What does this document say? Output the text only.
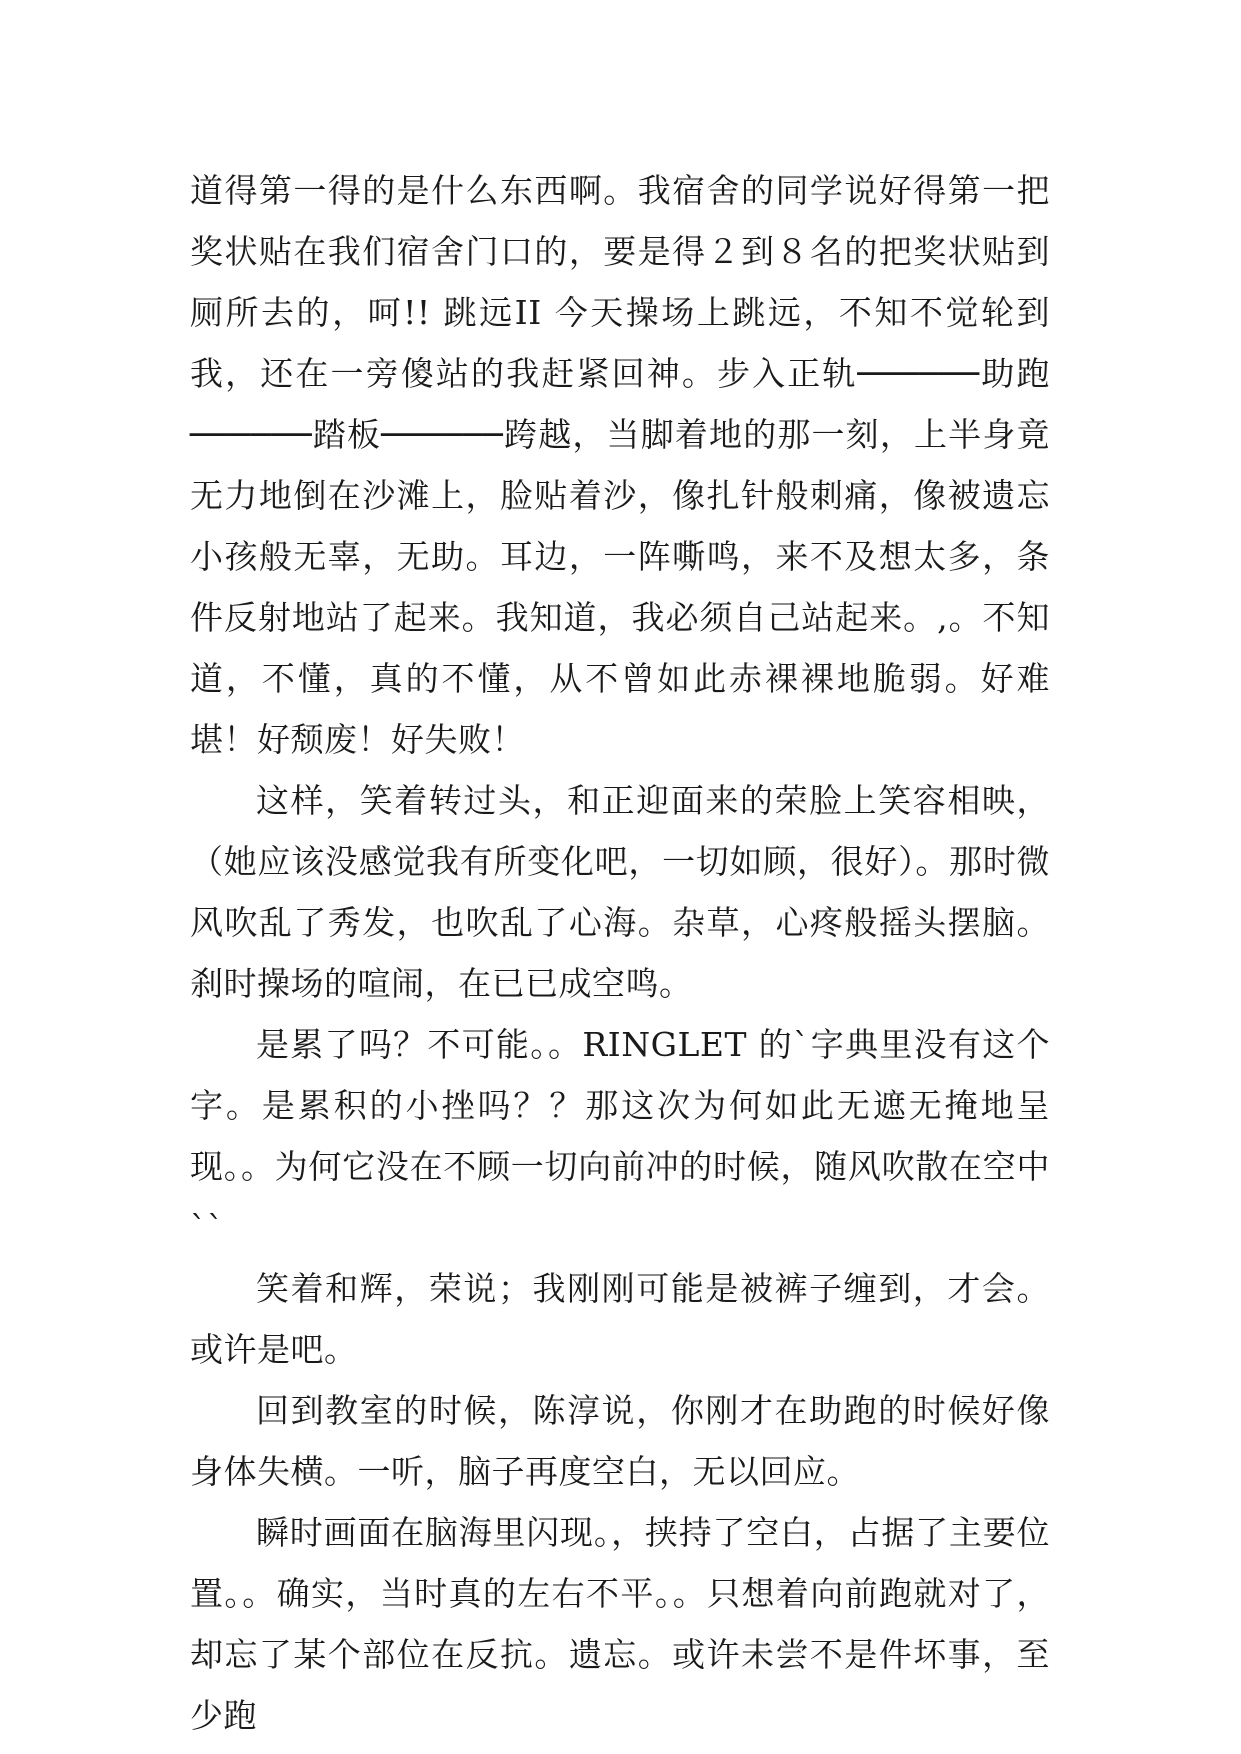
道得第一得的是什么东西啊。我宿舍的同学说好得第一把奖状贴在我们宿舍门口的，要是得２到８名的把奖状贴到厕所去的，呵!! 跳远II 今天操场上跳远，不知不觉轮到我，还在一旁傻站的我赶紧回神。步入正轨──────助跑──────踏板──────跨越，当脚着地的那一刻，上半身竟无力地倒在沙滩上，脸贴着沙，像扎针般刺痛，像被遗忘小孩般无辜，无助。耳边，一阵嘶鸣，来不及想太多，条件反射地站了起来。我知道，我必须自己站起来。,。不知道，不懂，真的不懂，从不曾如此赤裸裸地脆弱。好难堪！好颓废！好失败！

这样，笑着转过头，和正迎面来的荣脸上笑容相映，（她应该没感觉我有所变化吧，一切如顾，很好）。那时微风吹乱了秀发，也吹乱了心海。杂草，心疼般摇头摆脑。刹时操场的喧闹，在已已成空鸣。

是累了吗？不可能。。RINGLET 的`字典里没有这个字。是累积的小挫吗？？那这次为何如此无遮无掩地呈现。。为何它没在不顾一切向前冲的时候，随风吹散在空中``

笑着和辉，荣说；我刚刚可能是被裤子缠到，才会。或许是吧。

回到教室的时候，陈淳说，你刚才在助跑的时候好像身体失横。一听，脑子再度空白，无以回应。

瞬时画面在脑海里闪现。，挟持了空白，占据了主要位置。。确实，当时真的左右不平。。只想着向前跑就对了，却忘了某个部位在反抗。遗忘。或许未尝不是件坏事，至少跑
